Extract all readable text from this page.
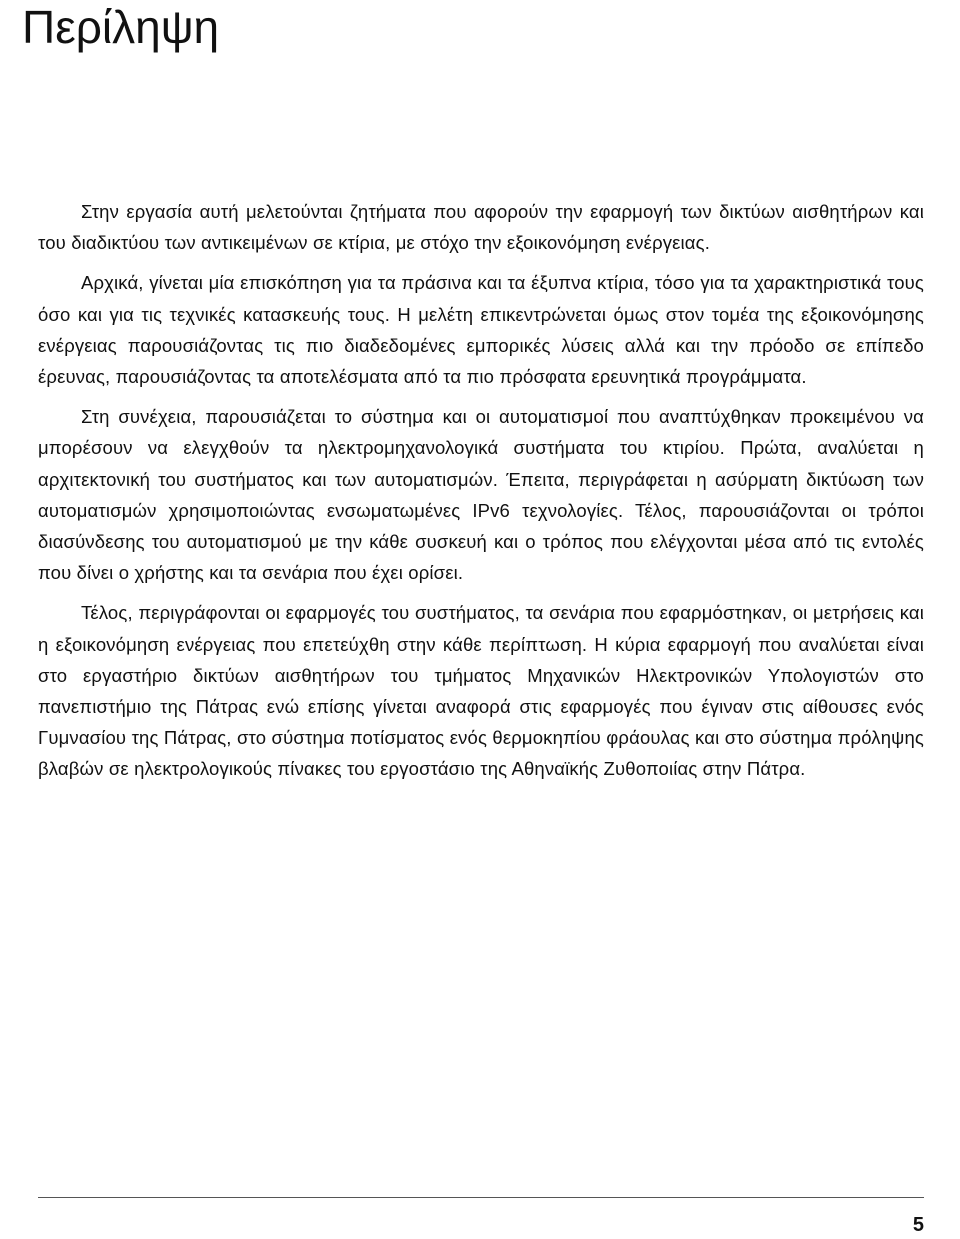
Περίληψη

Στην εργασία αυτή μελετούνται ζητήματα που αφορούν την εφαρμογή των δικτύων αισθητήρων και του διαδικτύου των αντικειμένων σε κτίρια, με στόχο την εξοικονόμηση ενέργειας.

Αρχικά, γίνεται μία επισκόπηση για τα πράσινα και τα έξυπνα κτίρια, τόσο για τα χαρακτηριστικά τους όσο και για τις τεχνικές κατασκευής τους. Η μελέτη επικεντρώνεται όμως στον τομέα της εξοικονόμησης ενέργειας παρουσιάζοντας τις πιο διαδεδομένες εμπορικές λύσεις αλλά και την πρόοδο σε επίπεδο έρευνας, παρουσιάζοντας τα αποτελέσματα από τα πιο πρόσφατα ερευνητικά προγράμματα.

Στη συνέχεια, παρουσιάζεται το σύστημα και οι αυτοματισμοί που αναπτύχθηκαν προκειμένου να μπορέσουν να ελεγχθούν τα ηλεκτρομηχανολογικά συστήματα του κτιρίου. Πρώτα, αναλύεται η αρχιτεκτονική του συστήματος και των αυτοματισμών. Έπειτα, περιγράφεται η ασύρματη δικτύωση των αυτοματισμών χρησιμοποιώντας ενσωματωμένες IPv6 τεχνολογίες. Τέλος, παρουσιάζονται οι τρόποι διασύνδεσης του αυτοματισμού με την κάθε συσκευή και ο τρόπος που ελέγχονται μέσα από τις εντολές που δίνει ο χρήστης και τα σενάρια που έχει ορίσει.

Τέλος, περιγράφονται οι εφαρμογές του συστήματος, τα σενάρια που εφαρμόστηκαν, οι μετρήσεις και η εξοικονόμηση ενέργειας που επετεύχθη στην κάθε περίπτωση. Η κύρια εφαρμογή που αναλύεται είναι στο εργαστήριο δικτύων αισθητήρων του τμήματος Μηχανικών Ηλεκτρονικών Υπολογιστών στο πανεπιστήμιο της Πάτρας ενώ επίσης γίνεται αναφορά στις εφαρμογές που έγιναν στις αίθουσες ενός Γυμνασίου της Πάτρας, στο σύστημα ποτίσματος ενός θερμοκηπίου φράουλας και στο σύστημα πρόληψης βλαβών σε ηλεκτρολογικούς πίνακες του εργοστάσιο της Αθηναϊκής Ζυθοποιίας στην Πάτρα.

5
